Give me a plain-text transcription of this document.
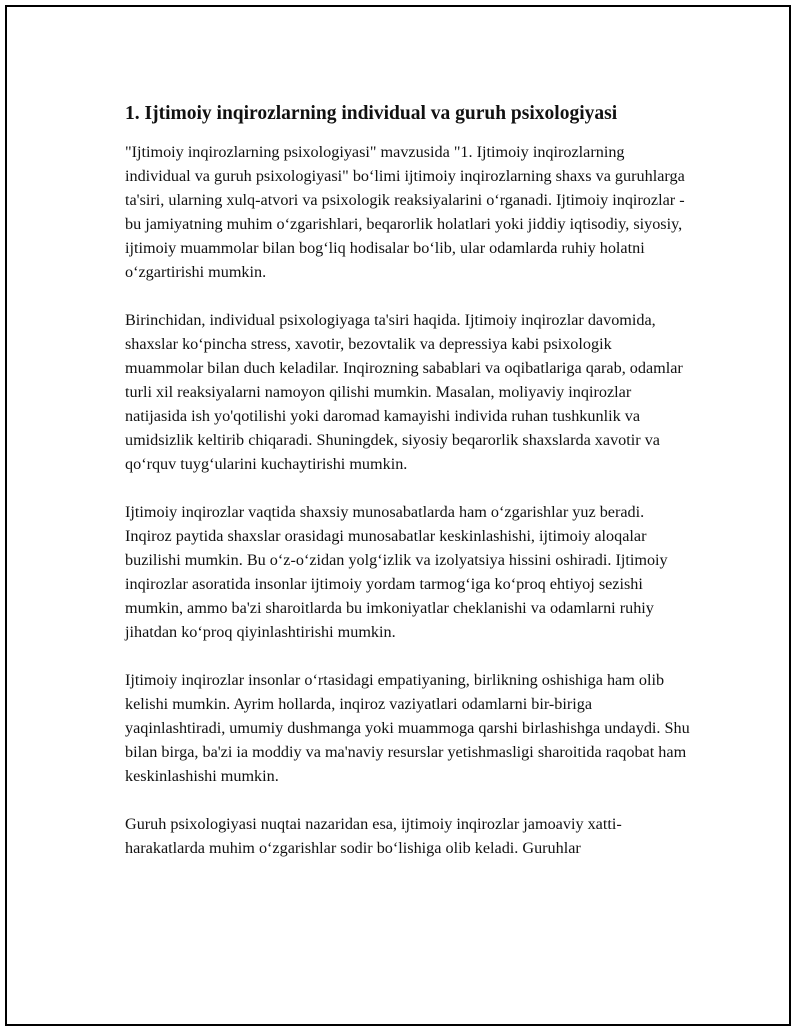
1. Ijtimoiy inqirozlarning individual va guruh psixologiyasi

"Ijtimoiy inqirozlarning psixologiyasi" mavzusida "1. Ijtimoiy inqirozlarning individual va guruh psixologiyasi" bo‘limi ijtimoiy inqirozlarning shaxs va guruhlarga ta'siri, ularning xulq-atvori va psixologik reaksiyalarini o‘rganadi. Ijtimoiy inqirozlar - bu jamiyatning muhim o‘zgarishlari, beqarorlik holatlari yoki jiddiy iqtisodiy, siyosiy, ijtimoiy muammolar bilan bog‘liq hodisalar bo‘lib, ular odamlarda ruhiy holatni o‘zgartirishi mumkin.

Birinchidan, individual psixologiyaga ta'siri haqida. Ijtimoiy inqirozlar davomida, shaxslar ko‘pincha stress, xavotir, bezovtalik va depressiya kabi psixologik muammolar bilan duch keladilar. Inqirozning sabablari va oqibatlariga qarab, odamlar turli xil reaksiyalarni namoyon qilishi mumkin. Masalan, moliyaviy inqirozlar natijasida ish yo'qotilishi yoki daromad kamayishi individa ruhan tushkunlik va umidsizlik keltirib chiqaradi. Shuningdek, siyosiy beqarorlik shaxslarda xavotir va qo‘rquv tuyg‘ularini kuchaytirishi mumkin.

Ijtimoiy inqirozlar vaqtida shaxsiy munosabatlarda ham o‘zgarishlar yuz beradi. Inqiroz paytida shaxslar orasidagi munosabatlar keskinlashishi, ijtimoiy aloqalar buzilishi mumkin. Bu o‘z-o‘zidan yolg‘izlik va izolyatsiya hissini oshiradi. Ijtimoiy inqirozlar asoratida insonlar ijtimoiy yordam tarmog‘iga ko‘proq ehtiyoj sezishi mumkin, ammo ba'zi sharoitlarda bu imkoniyatlar cheklanishi va odamlarni ruhiy jihatdan ko‘proq qiyinlashtirishi mumkin.

Ijtimoiy inqirozlar insonlar o‘rtasidagi empatiyaning, birlikning oshishiga ham olib kelishi mumkin. Ayrim hollarda, inqiroz vaziyatlari odamlarni bir-biriga yaqinlashtiradi, umumiy dushmanga yoki muammoga qarshi birlashishga undaydi. Shu bilan birga, ba'zi ia moddiy va ma'naviy resurslar yetishmasligi sharoitida raqobat ham keskinlashishi mumkin.

Guruh psixologiyasi nuqtai nazaridan esa, ijtimoiy inqirozlar jamoaviy xatti-harakatlarda muhim o‘zgarishlar sodir bo‘lishiga olib keladi. Guruhlar
